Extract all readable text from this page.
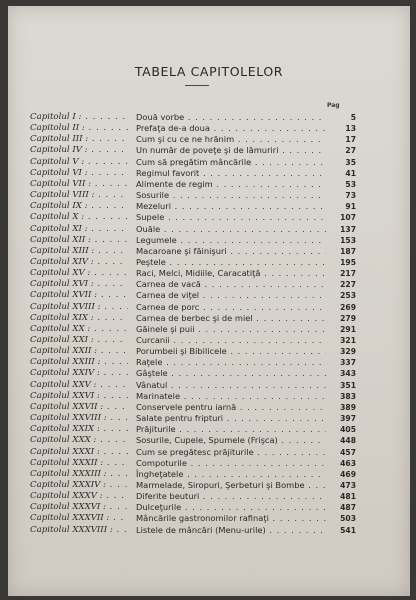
TABELA CAPITOLELOR
Pag
Capitolul I : . . .	Două vorbe . . .	5
Capitolul II : . . .	Prefaţa de-a doua . . .	13
Capitolul III : . . .	Cum şi cu ce ne hrănim . . .	17
Capitolul IV : . . .	Un număr de poveţe şi de lămuriri . . .	27
Capitolul V : . . .	Cum să pregătim mâncările . . .	35
Capitolul VI : . . .	Regimul favorit . . .	41
Capitolul VII : . . .	Alimente de regim . . .	53
Capitolul VIII : . . .	Sosurile . . .	73
Capitolul IX : . . .	Mezeluri . . .	91
Capitolul X : . . .	Supele . . .	107
Capitolul XI : . . .	Ouăle . . .	137
Capitolul XII : . . .	Legumele . . .	153
Capitolul XIII : . . .	Macaroane şi făinişuri . . .	187
Capitolul XIV : . . .	Peştele . . .	195
Capitolul XV : . . .	Raci, Melci, Midiile, Caracatiţă . . .	217
Capitolul XVI : . . .	Carnea de vacă . . .	227
Capitolul XVII : . . .	Carnea de viţel . . .	253
Capitolul XVIII : . . .	Carnea de porc . . .	269
Capitolul XIX : . . .	Carnea de berbec şi de miel . . .	279
Capitolul XX : . . .	Găinele şi puii . . .	291
Capitolul XXI : . . .	Curcanii . . .	321
Capitolul XXII : . . .	Porumbeii şi Bibilicele . . .	329
Capitolul XXIII : . . .	Raţele . . .	337
Capitolul XXIV : . . .	Gâştele . . .	343
Capitolul XXV : . . .	Vânatul . . .	351
Capitolul XXVI : . . .	Marinatele . . .	383
Capitolul XXVII : . . .	Conservele pentru iarnă . . .	389
Capitolul XXVIII : . . .	Salate pentru fripturi . . .	397
Capitolul XXIX : . . .	Prăjiturile . . .	405
Capitolul XXX : . . .	Sosurile, Cupele, Spumele (Frişca) . . .	448
Capitolul XXXI : . . .	Cum se pregătesc prăjiturile . . .	457
Capitolul XXXII : . . .	Compoturile . . .	463
Capitolul XXXIII : . . .	Îngheţatele . . .	469
Capitolul XXXIV : . . .	Marmelade, Siropuri, Şerbeturi şi Bombe . . .	473
Capitolul XXXV : . . .	Diferite beuturi . . .	481
Capitolul XXXVI : . . .	Dulceţurile . . .	487
Capitolul XXXVII : . . .	Mâncările gastronomilor rafinaţi . . .	503
Capitolul XXXVIII : . . .	Listele de mâncări (Menu-urile) . . .	541
